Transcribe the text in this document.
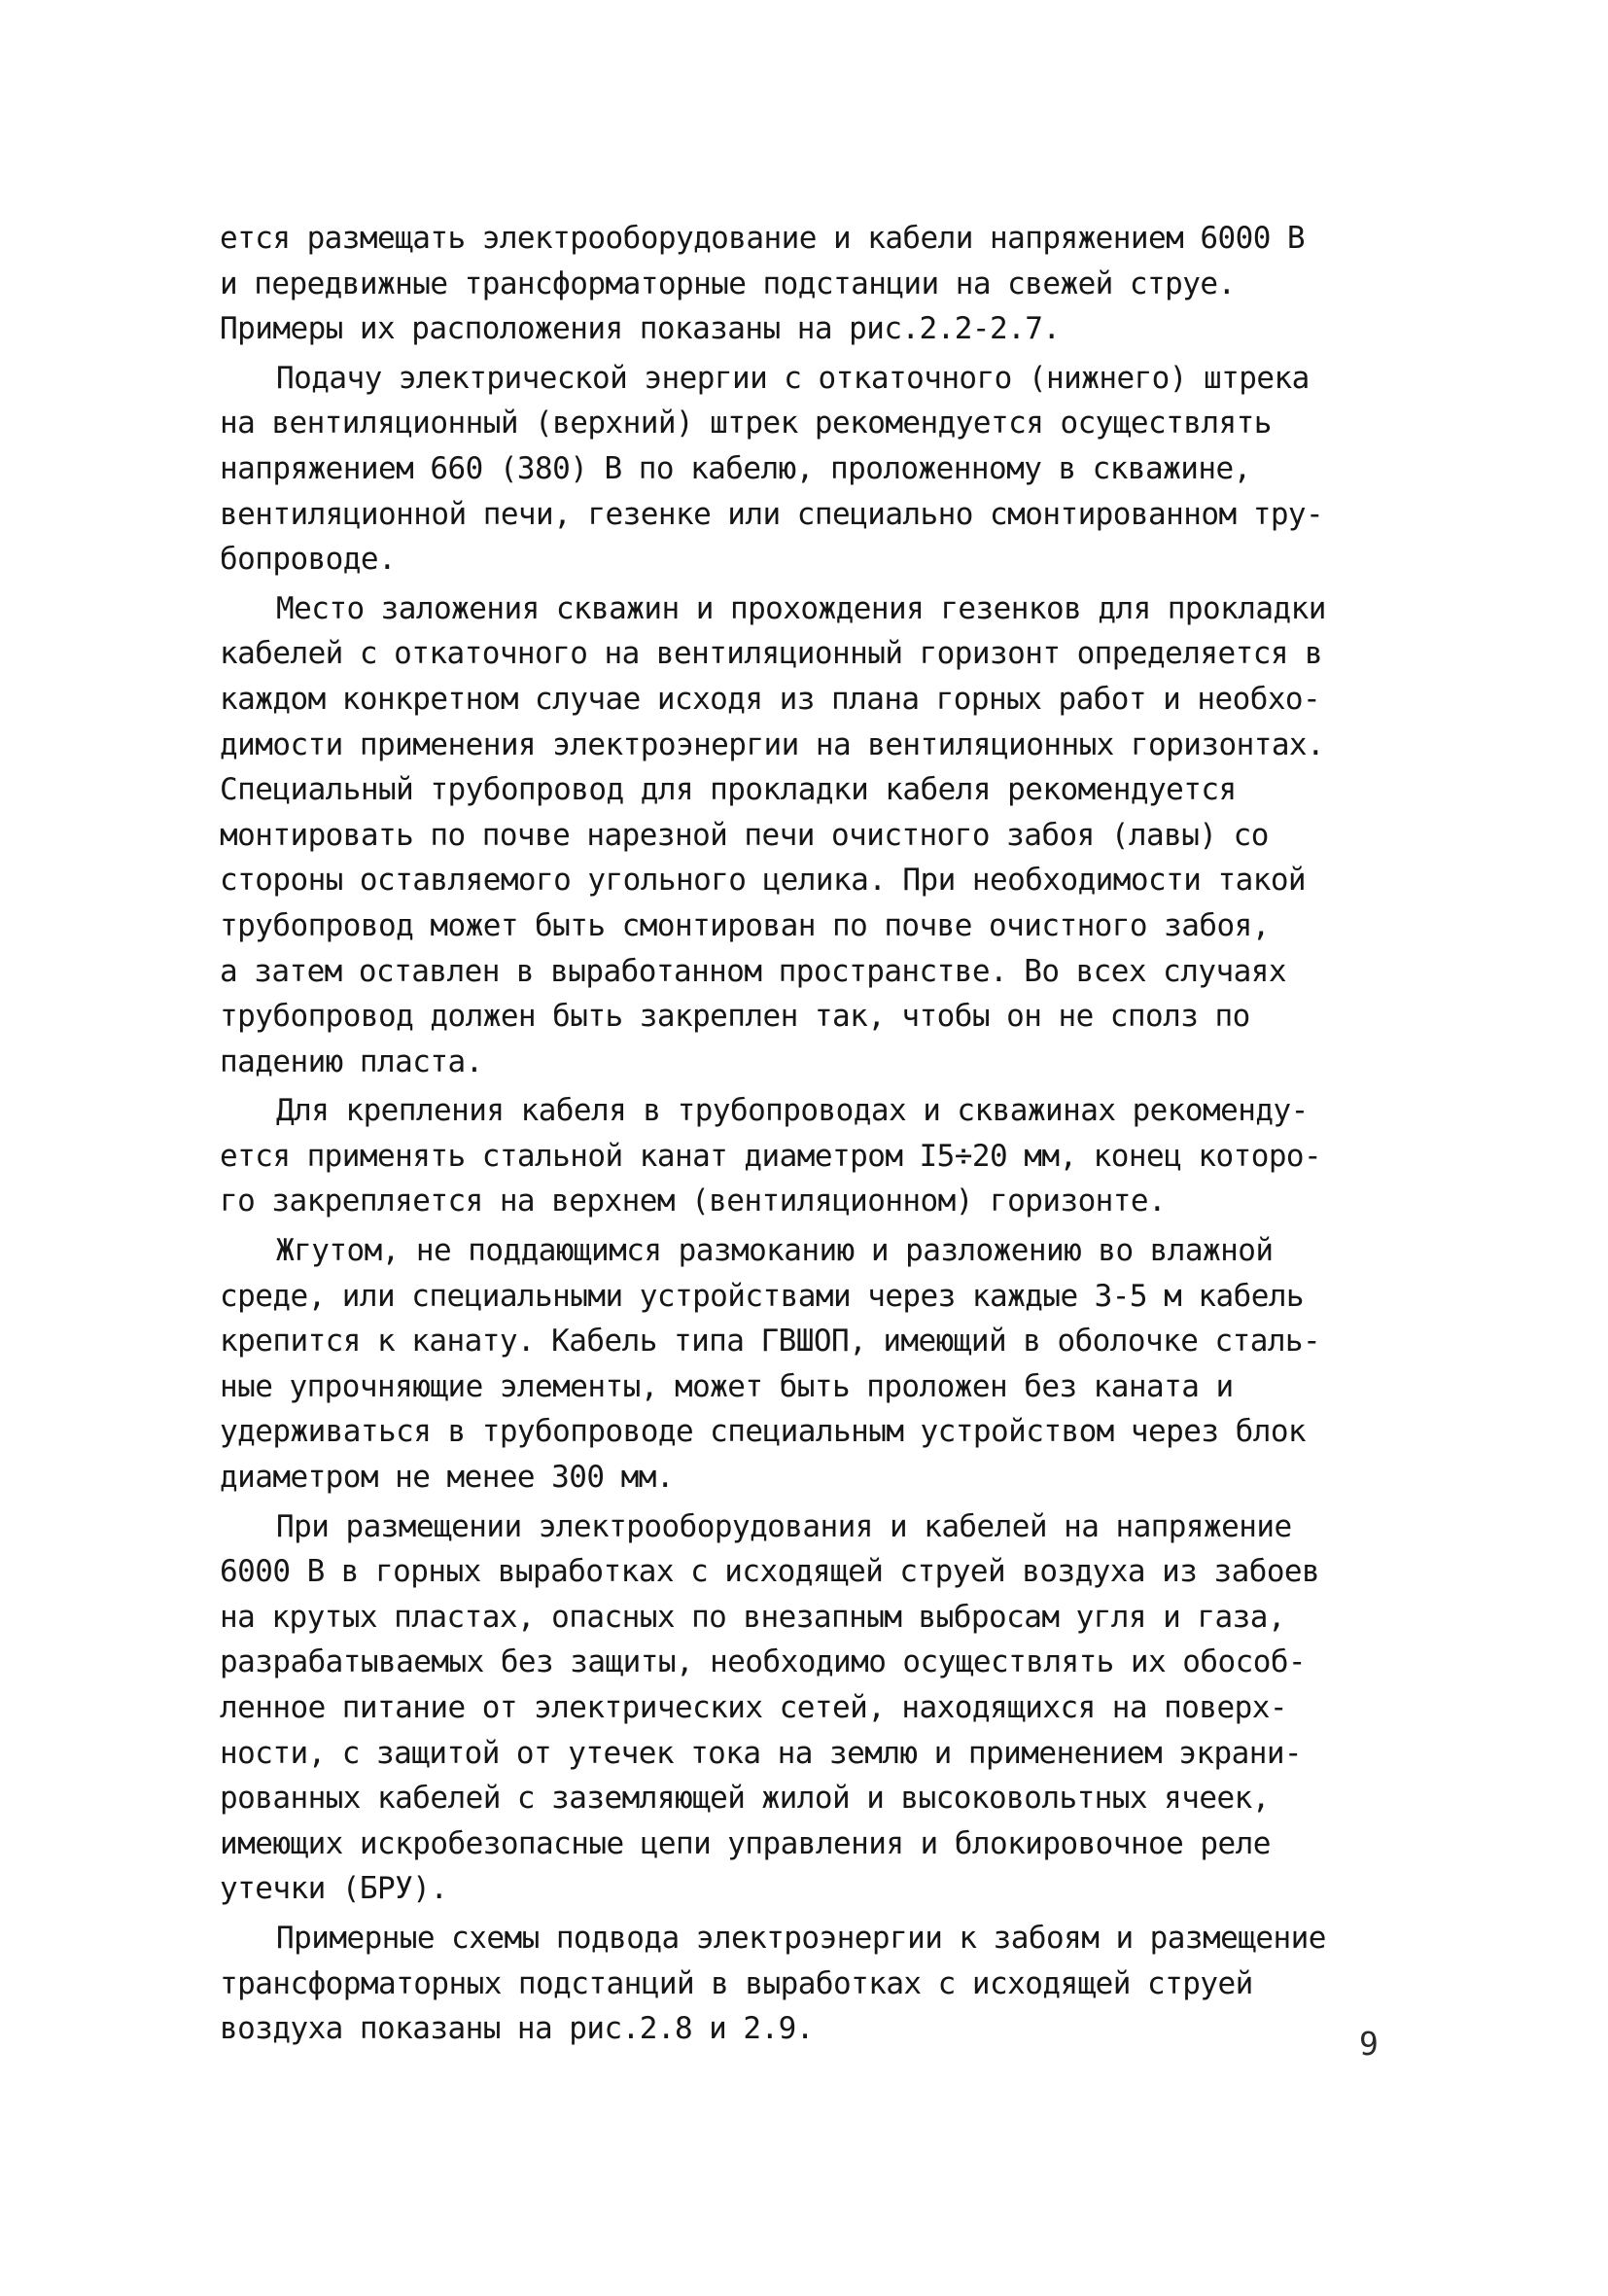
ется размещать электрооборудование и кабели напряжением 6000 В
и передвижные трансформаторные подстанции на свежей струе.
Примеры их расположения показаны на рис.2.2-2.7.
Подачу электрической энергии с откаточного (нижнего) штрека
на вентиляционный (верхний) штрек рекомендуется осуществлять
напряжением 660 (380) В по кабелю, проложенному в скважине,
вентиляционной печи, гезенке или специально смонтированном тру-
бопроводе.
Место заложения скважин и прохождения гезенков для прокладки
кабелей с откаточного на вентиляционный горизонт определяется в
каждом конкретном случае исходя из плана горных работ и необхо-
димости применения электроэнергии на вентиляционных горизонтах.
Специальный трубопровод для прокладки кабеля рекомендуется
монтировать по почве нарезной печи очистного забоя (лавы) со
стороны оставляемого угольного целика. При необходимости такой
трубопровод может быть смонтирован по почве очистного забоя,
а затем оставлен в выработанном пространстве. Во всех случаях
трубопровод должен быть закреплен так, чтобы он не сполз по
падению пласта.
Для крепления кабеля в трубопроводах и скважинах рекоменду-
ется применять стальной канат диаметром I5÷20 мм, конец которо-
го закрепляется на верхнем (вентиляционном) горизонте.
Жгутом, не поддающимся размоканию и разложению во влажной
среде, или специальными устройствами через каждые 3-5 м кабель
крепится к канату. Кабель типа ГВШОП, имеющий в оболочке сталь-
ные упрочняющие элементы, может быть проложен без каната и
удерживаться в трубопроводе специальным устройством через блок
диаметром не менее 300 мм.
При размещении электрооборудования и кабелей на напряжение
6000 В в горных выработках с исходящей струей воздуха из забоев
на крутых пластах, опасных по внезапным выбросам угля и газа,
разрабатываемых без защиты, необходимо осуществлять их обособ-
ленное питание от электрических сетей, находящихся на поверх-
ности, с защитой от утечек тока на землю и применением экрани-
рованных кабелей с заземляющей жилой и высоковольтных ячеек,
имеющих искробезопасные цепи управления и блокировочное реле
утечки (БРУ).
Примерные схемы подвода электроэнергии к забоям и размещение
трансформаторных подстанций в выработках с исходящей струей
воздуха показаны на рис.2.8 и 2.9.	9
